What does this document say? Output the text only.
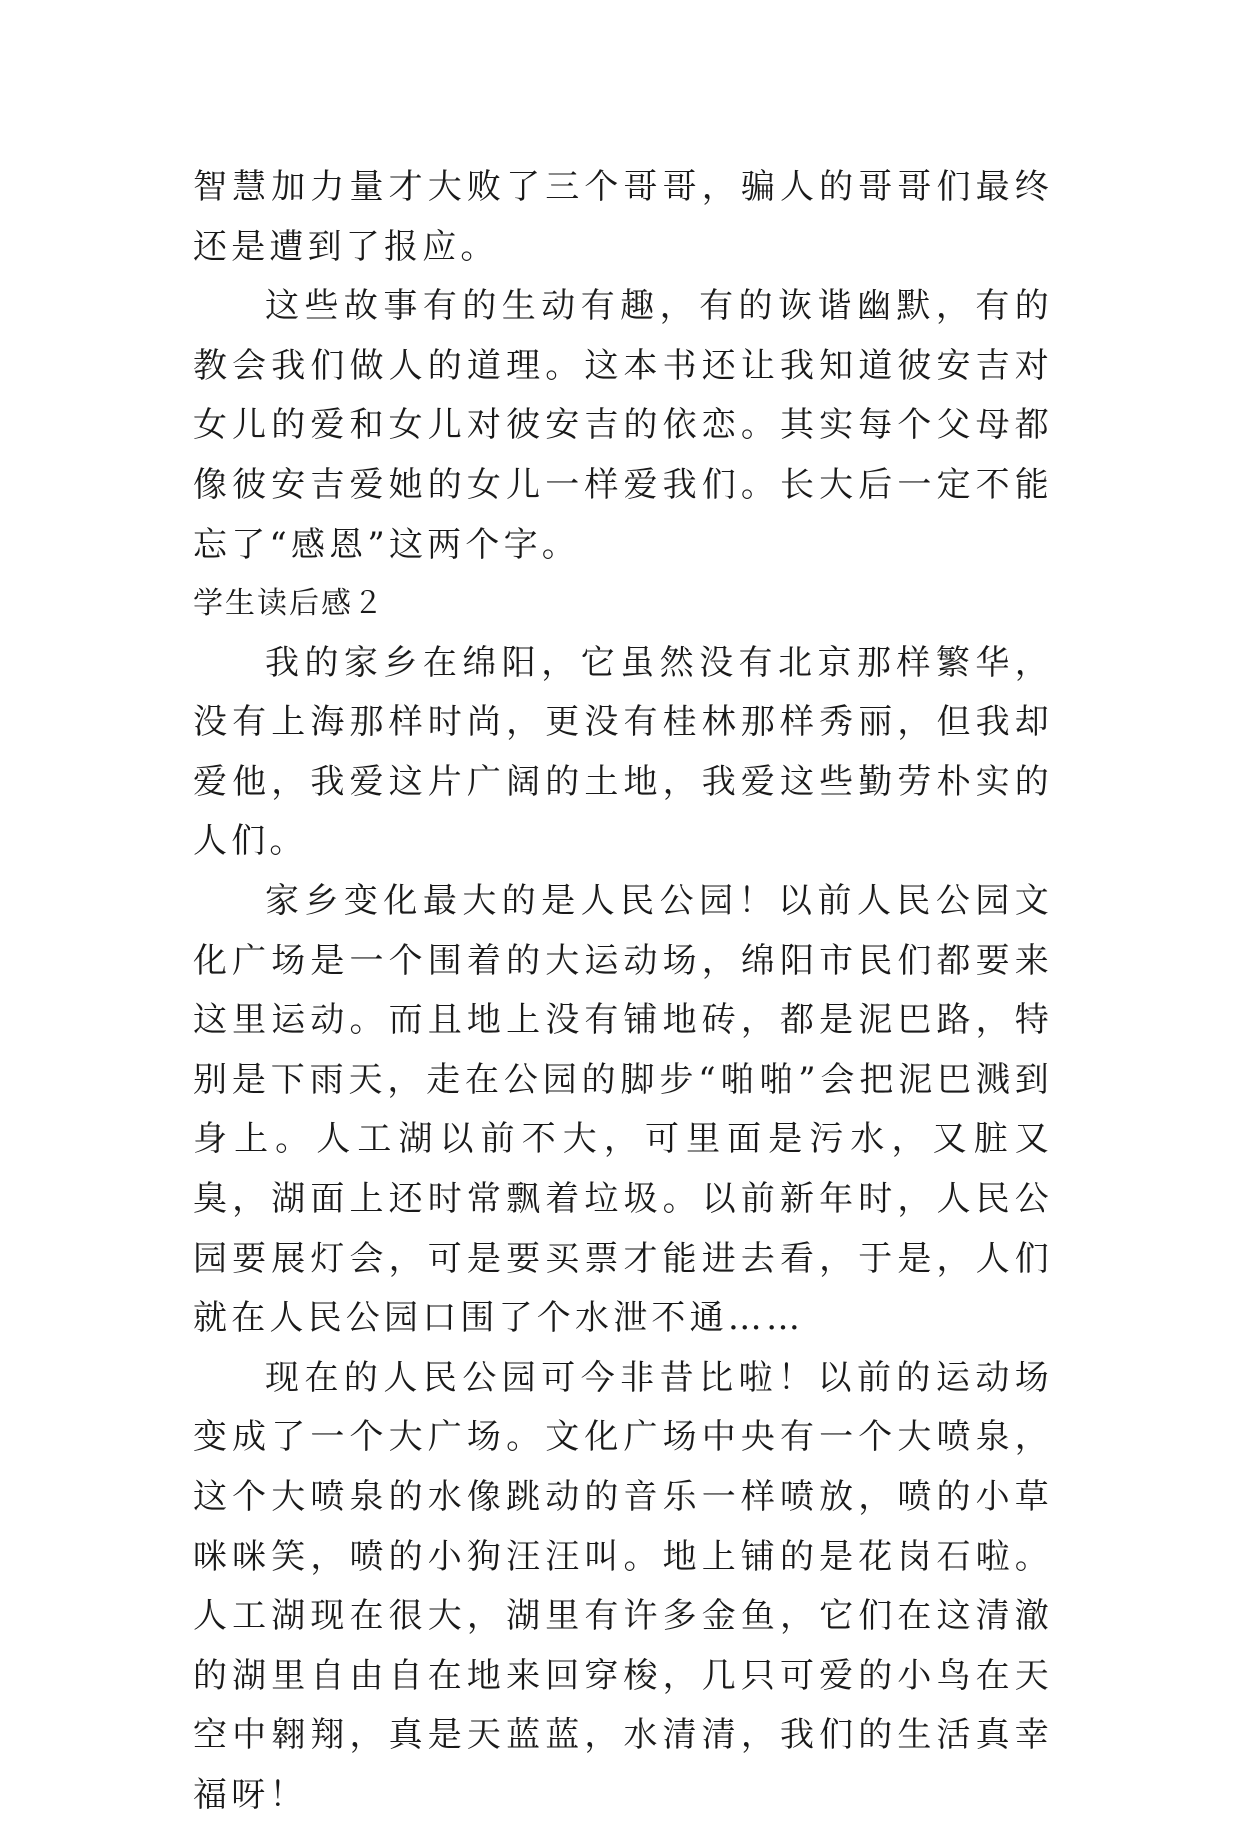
智慧加力量才大败了三个哥哥，骗人的哥哥们最终还是遭到了报应。

这些故事有的生动有趣，有的诙谐幽默，有的教会我们做人的道理。这本书还让我知道彼安吉对女儿的爱和女儿对彼安吉的依恋。其实每个父母都像彼安吉爱她的女儿一样爱我们。长大后一定不能忘了“感恩”这两个字。

学生读后感２

我的家乡在绵阳，它虽然没有北京那样繁华，没有上海那样时尚，更没有桂林那样秀丽，但我却爱他，我爱这片广阔的土地，我爱这些勤劳朴实的人们。

家乡变化最大的是人民公园！以前人民公园文化广场是一个围着的大运动场，绵阳市民们都要来这里运动。而且地上没有铺地砖，都是泥巴路，特别是下雨天，走在公园的脚步“啪啪”会把泥巴溅到身上。人工湖以前不大，可里面是污水，又脏又臭，湖面上还时常飘着垃圾。以前新年时，人民公园要展灯会，可是要买票才能进去看，于是，人们就在人民公园口围了个水泄不通……

现在的人民公园可今非昔比啦！以前的运动场变成了一个大广场。文化广场中央有一个大喷泉，这个大喷泉的水像跳动的音乐一样喷放，喷的小草咪咪笑，喷的小狗汪汪叫。地上铺的是花岗石啦。人工湖现在很大，湖里有许多金鱼，它们在这清澈的湖里自由自在地来回穿梭，几只可爱的小鸟在天空中翱翔，真是天蓝蓝，水清清，我们的生活真幸福呀！
